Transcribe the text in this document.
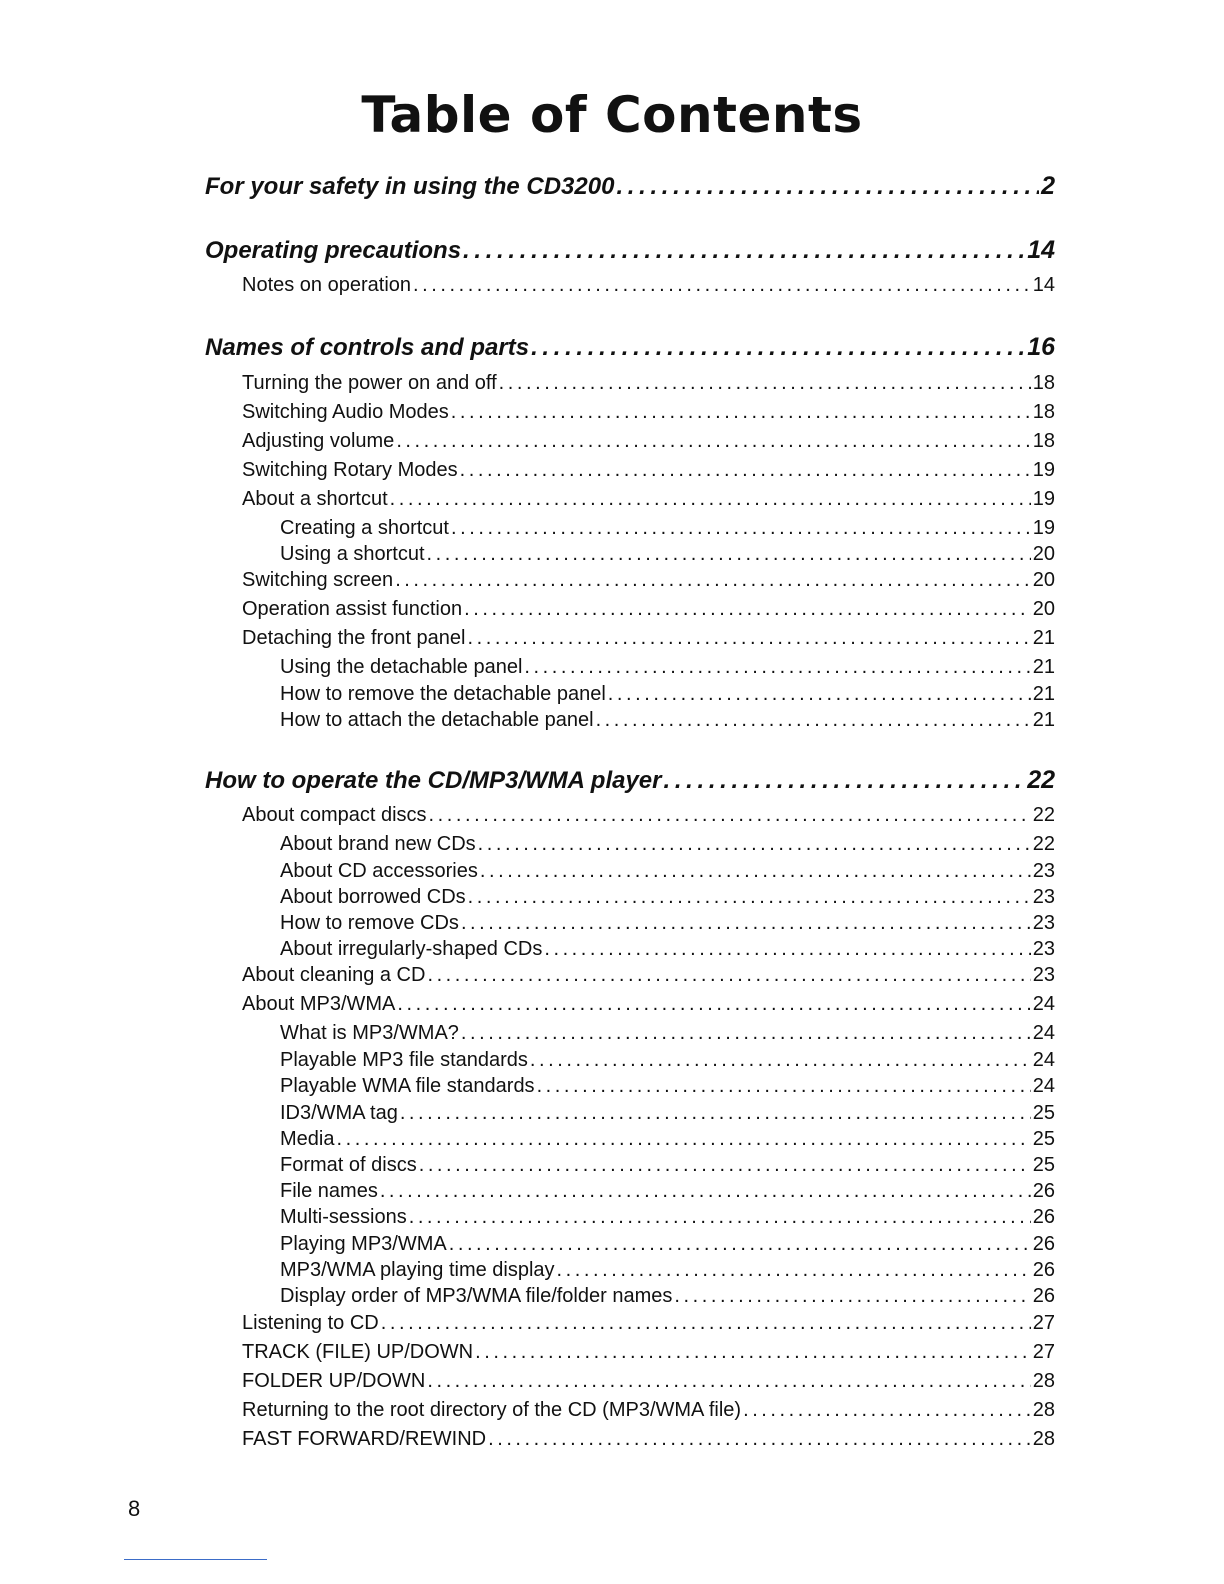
Table of Contents
For your safety in using the CD3200 . . .	2
Operating precautions . . .	14
Notes on operation . . .	14
Names of controls and parts . . .	16
Turning the power on and off . . .	18
Switching Audio Modes . . .	18
Adjusting volume . . .	18
Switching Rotary Modes . . .	19
About a shortcut . . .	19
Creating a shortcut . . .	19
Using a shortcut . . .	20
Switching screen . . .	20
Operation assist function . . .	20
Detaching the front panel . . .	21
Using the detachable panel . . .	21
How to remove the detachable panel . . .	21
How to attach the detachable panel . . .	21
How to operate the CD/MP3/WMA player . . .	22
About compact discs . . .	22
About brand new CDs . . .	22
About CD accessories . . .	23
About borrowed CDs . . .	23
How to remove CDs . . .	23
About irregularly-shaped CDs . . .	23
About cleaning a CD . . .	23
About MP3/WMA . . .	24
What is MP3/WMA? . . .	24
Playable MP3 file standards . . .	24
Playable WMA file standards . . .	24
ID3/WMA tag . . .	25
Media . . .	25
Format of discs . . .	25
File names . . .	26
Multi-sessions . . .	26
Playing MP3/WMA . . .	26
MP3/WMA playing time display . . .	26
Display order of MP3/WMA file/folder names . . .	26
Listening to CD . . .	27
TRACK (FILE) UP/DOWN . . .	27
FOLDER UP/DOWN . . .	28
Returning to the root directory of the CD (MP3/WMA file) . . .	28
FAST FORWARD/REWIND . . .	28
8
